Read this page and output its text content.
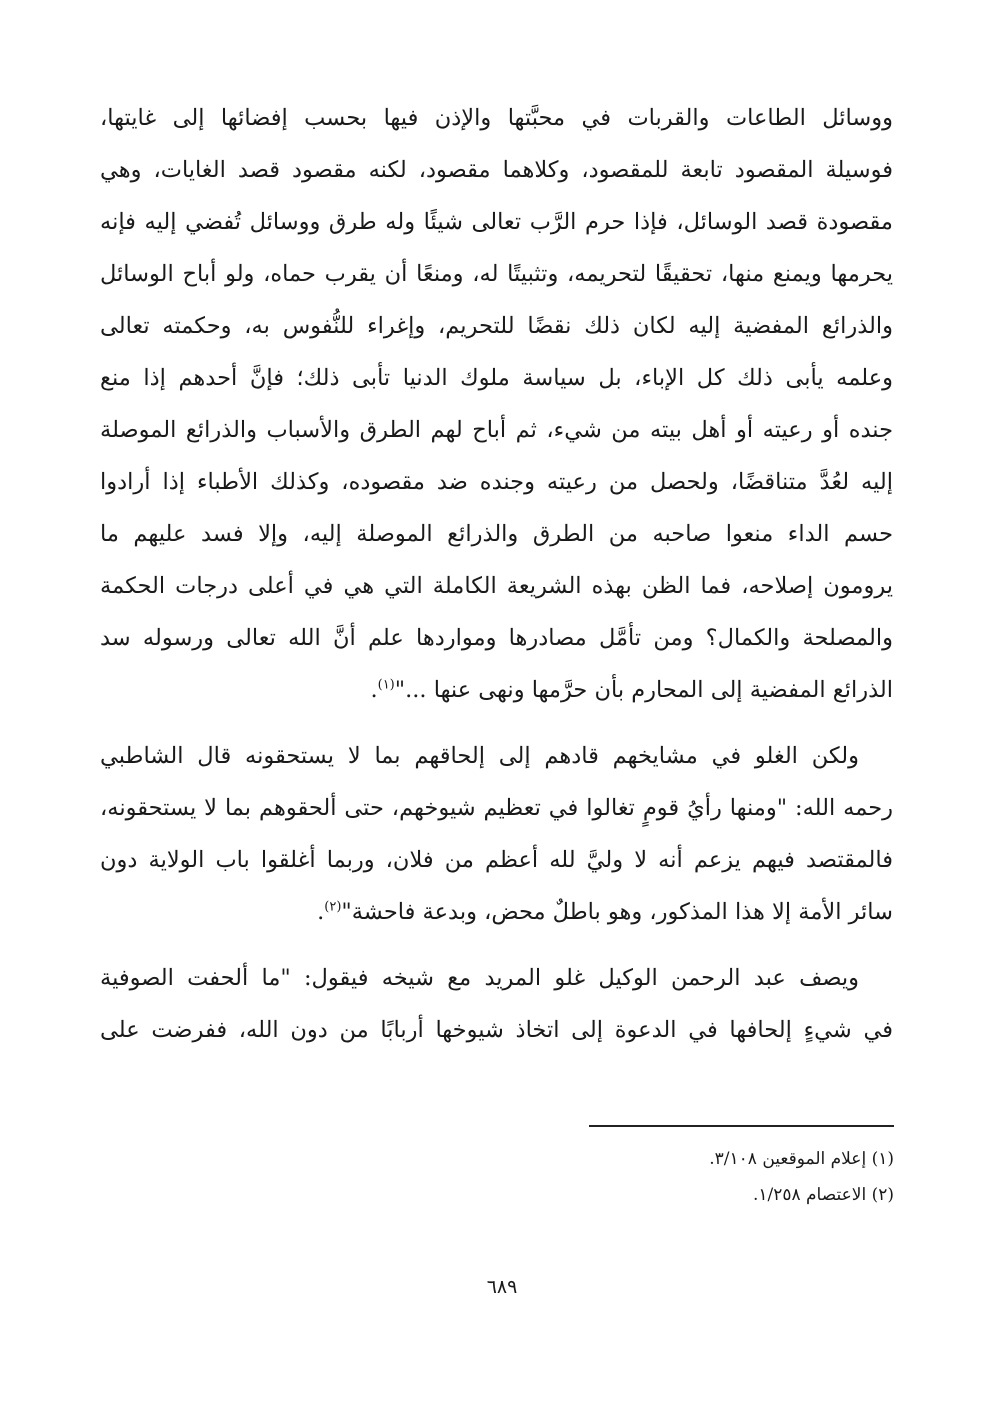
ووسائل الطاعات والقربات في محبَّتها والإذن فيها بحسب إفضائها إلى غايتها،

فوسيلة المقصود تابعة للمقصود، وكلاهما مقصود، لكنه مقصود قصد الغايات، وهي

مقصودة قصد الوسائل، فإذا حرم الرَّب تعالى شيئًا وله طرق ووسائل تُفضي إليه فإنه

يحرمها ويمنع منها، تحقيقًا لتحريمه، وتثبيتًا له، ومنعًا أن يقرب حماه، ولو أباح الوسائل

والذرائع المفضية إليه لكان ذلك نقضًا للتحريم، وإغراء للنُّفوس به، وحكمته تعالى

وعلمه يأبى ذلك كل الإباء، بل سياسة ملوك الدنيا تأبى ذلك؛ فإنَّ أحدهم إذا منع

جنده أو رعيته أو أهل بيته من شيء، ثم أباح لهم الطرق والأسباب والذرائع الموصلة

إليه لعُدَّ متناقضًا، ولحصل من رعيته وجنده ضد مقصوده، وكذلك الأطباء إذا أرادوا

حسم الداء منعوا صاحبه من الطرق والذرائع الموصلة إليه، وإلا فسد عليهم ما

يرومون إصلاحه، فما الظن بهذه الشريعة الكاملة التي هي في أعلى درجات الحكمة

والمصلحة والكمال؟ ومن تأمَّل مصادرها ومواردها علم أنَّ الله تعالى ورسوله سد

الذرائع المفضية إلى المحارم بأن حرَّمها ونهى عنها ..."$^{(١)}$.

ولكن الغلو في مشايخهم قادهم إلى إلحاقهم بما لا يستحقونه قال الشاطبي

رحمه الله: "ومنها رأيُ قومٍ تغالوا في تعظيم شيوخهم، حتى ألحقوهم بما لا يستحقونه،

فالمقتصد فيهم يزعم أنه لا وليَّ لله أعظم من فلان، وربما أغلقوا باب الولاية دون

سائر الأمة إلا هذا المذكور، وهو باطلٌ محض، وبدعة فاحشة"$^{(٢)}$.

ويصف عبد الرحمن الوكيل غلو المريد مع شيخه فيقول: "ما ألحفت الصوفية

في شيءٍ إلحافها في الدعوة إلى اتخاذ شيوخها أربابًا من دون الله، ففرضت على

(١) إعلام الموقعين ٣/١٠٨.

(٢) الاعتصام ١/٢٥٨.

٦٨٩
